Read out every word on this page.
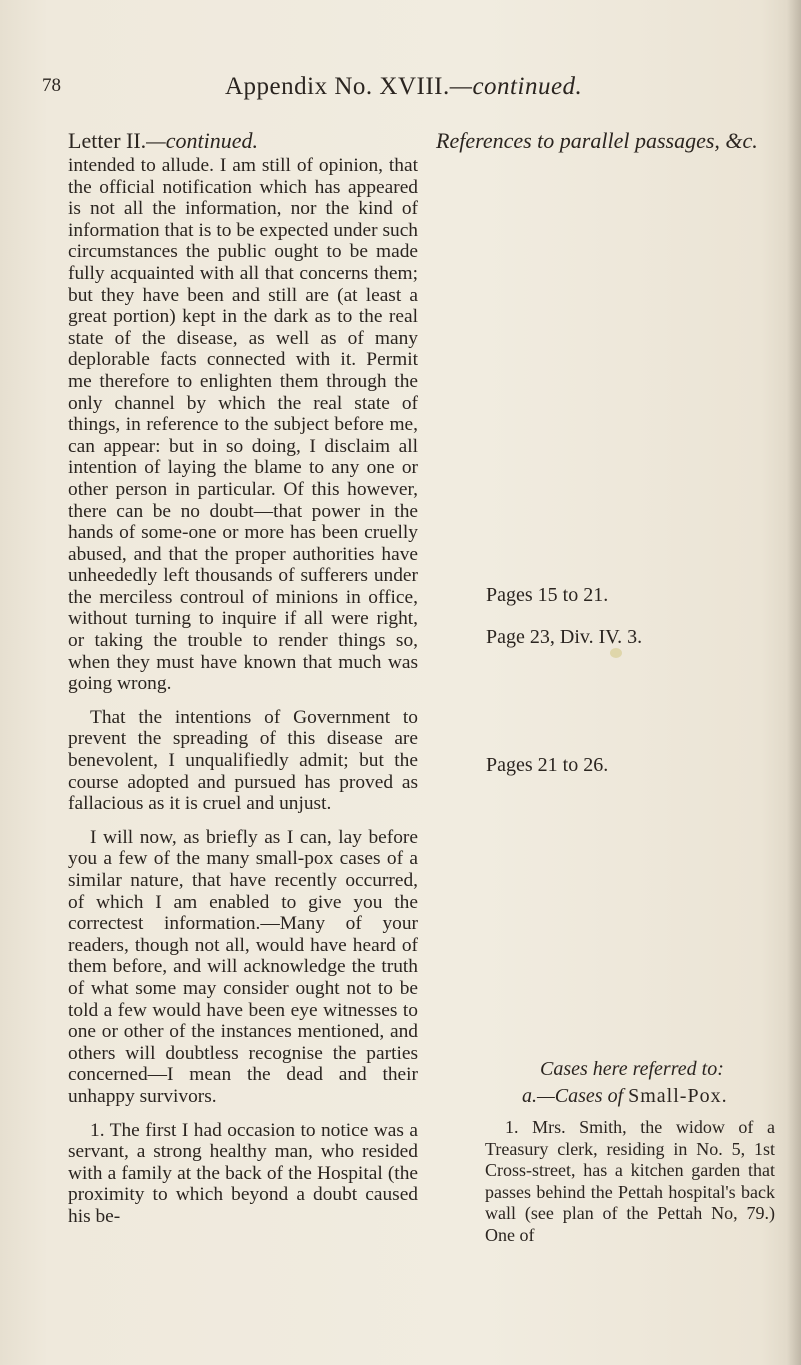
78	Appendix No. XVIII.—continued.
Letter II.—continued.	References to parallel passages, &c.

intended to allude. I am still of opinion, that the official notification which has appeared is not all the information, nor the kind of information that is to be expected under such circumstances the public ought to be made fully acquainted with all that concerns them; but they have been and still are (at least a great portion) kept in the dark as to the real state of the disease, as well as of many deplorable facts connected with it. Permit me therefore to enlighten them through the only channel by which the real state of things, in reference to the subject before me, can appear: but in so doing, I disclaim all intention of laying the blame to any one or other person in particular. Of this however, there can be no doubt—that power in the hands of some-one or more has been cruelly abused, and that the proper authorities have unheededly left thousands of sufferers under the merciless controul of minions in office, without turning to inquire if all were right, or taking the trouble to render things so, when they must have known that much was going wrong.

That the intentions of Government to prevent the spreading of this disease are benevolent, I unqualifiedly admit; but the course adopted and pursued has proved as fallacious as it is cruel and unjust.

I will now, as briefly as I can, lay before you a few of the many small-pox cases of a similar nature, that have recently occurred, of which I am enabled to give you the correctest information.—Many of your readers, though not all, would have heard of them before, and will acknowledge the truth of what some may consider ought not to be told a few would have been eye witnesses to one or other of the instances mentioned, and others will doubtless recognise the parties concerned—I mean the dead and their unhappy survivors.

1. The first I had occasion to notice was a servant, a strong healthy man, who resided with a family at the back of the Hospital (the proximity to which beyond a doubt caused his be-

Pages 15 to 21.
Page 23, Div. IV. 3.
Pages 21 to 26.
Cases here referred to:
a.—Cases of Small-Pox.
1. Mrs. Smith, the widow of a Treasury clerk, residing in No. 5, 1st Cross-street, has a kitchen garden that passes behind the Pettah hospital's back wall (see plan of the Pettah No, 79.) One of
